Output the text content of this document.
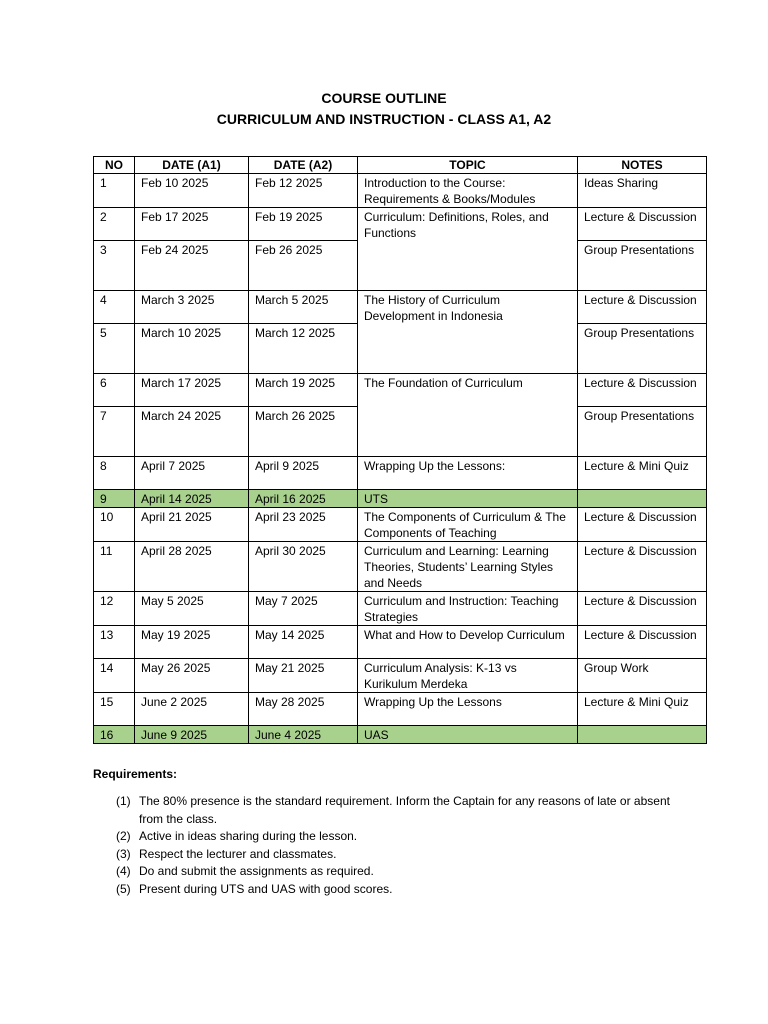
COURSE OUTLINE
CURRICULUM AND INSTRUCTION - CLASS A1, A2
NO	DATE (A1)	DATE (A2)	TOPIC	NOTES
1	Feb 10 2025	Feb 12 2025	Introduction to the Course: Requirements & Books/Modules	Ideas Sharing
2	Feb 17 2025	Feb 19 2025	Curriculum: Definitions, Roles, and Functions	Lecture & Discussion
3	Feb 24 2025	Feb 26 2025		Group Presentations
4	March 3 2025	March 5 2025	The History of Curriculum Development in Indonesia	Lecture & Discussion
5	March 10 2025	March 12 2025		Group Presentations
6	March 17 2025	March 19 2025	The Foundation of Curriculum	Lecture & Discussion
7	March 24 2025	March 26 2025		Group Presentations
8	April 7 2025	April 9 2025	Wrapping Up the Lessons:	Lecture & Mini Quiz
9	April 14 2025	April 16 2025	UTS	
10	April 21 2025	April 23 2025	The Components of Curriculum & The Components of Teaching	Lecture & Discussion
11	April 28 2025	April 30 2025	Curriculum and Learning: Learning Theories, Students’ Learning Styles and Needs	Lecture & Discussion
12	May 5 2025	May 7 2025	Curriculum and Instruction: Teaching Strategies	Lecture & Discussion
13	May 19 2025	May 14 2025	What and How to Develop Curriculum	Lecture & Discussion
14	May 26 2025	May 21 2025	Curriculum Analysis: K-13 vs Kurikulum Merdeka	Group Work
15	June 2 2025	May 28 2025	Wrapping Up the Lessons	Lecture & Mini Quiz
16	June 9 2025	June 4 2025	UAS	
Requirements:
(1) The 80% presence is the standard requirement. Inform the Captain for any reasons of late or absent from the class.
(2) Active in ideas sharing during the lesson.
(3) Respect the lecturer and classmates.
(4) Do and submit the assignments as required.
(5) Present during UTS and UAS with good scores.
